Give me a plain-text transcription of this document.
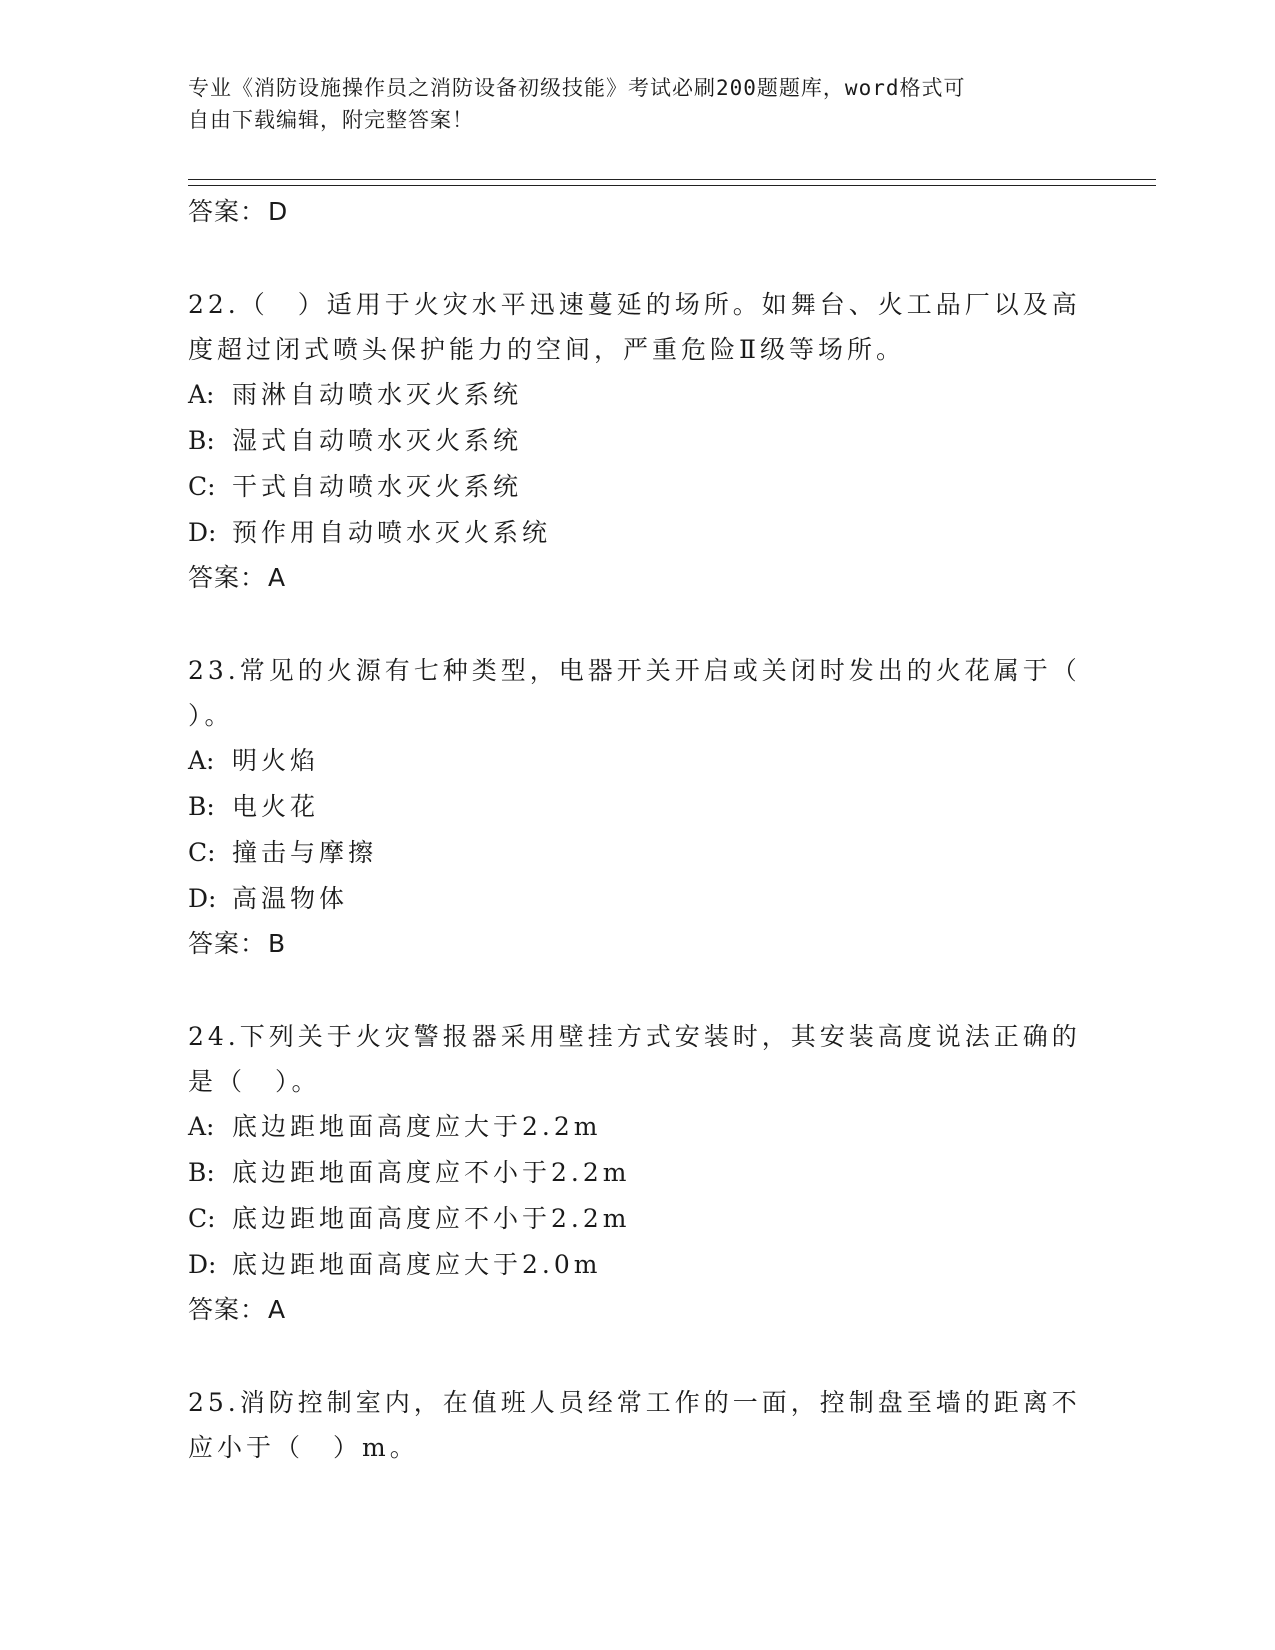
专业《消防设施操作员之消防设备初级技能》考试必刷200题题库，word格式可
自由下载编辑，附完整答案！
答案：D
22.（　）适用于火灾水平迅速蔓延的场所。如舞台、火工品厂以及高
度超过闭式喷头保护能力的空间，严重危险Ⅱ级等场所。
A: 雨淋自动喷水灭火系统
B: 湿式自动喷水灭火系统
C: 干式自动喷水灭火系统
D: 预作用自动喷水灭火系统
答案：A
23.常见的火源有七种类型，电器开关开启或关闭时发出的火花属于（
）。
A: 明火焰
B: 电火花
C: 撞击与摩擦
D: 高温物体
答案：B
24.下列关于火灾警报器采用壁挂方式安装时，其安装高度说法正确的
是（　）。
A: 底边距地面高度应大于2.2m
B: 底边距地面高度应不小于2.2m
C: 底边距地面高度应不小于2.2m
D: 底边距地面高度应大于2.0m
答案：A
25.消防控制室内，在值班人员经常工作的一面，控制盘至墙的距离不
应小于（　）m。
